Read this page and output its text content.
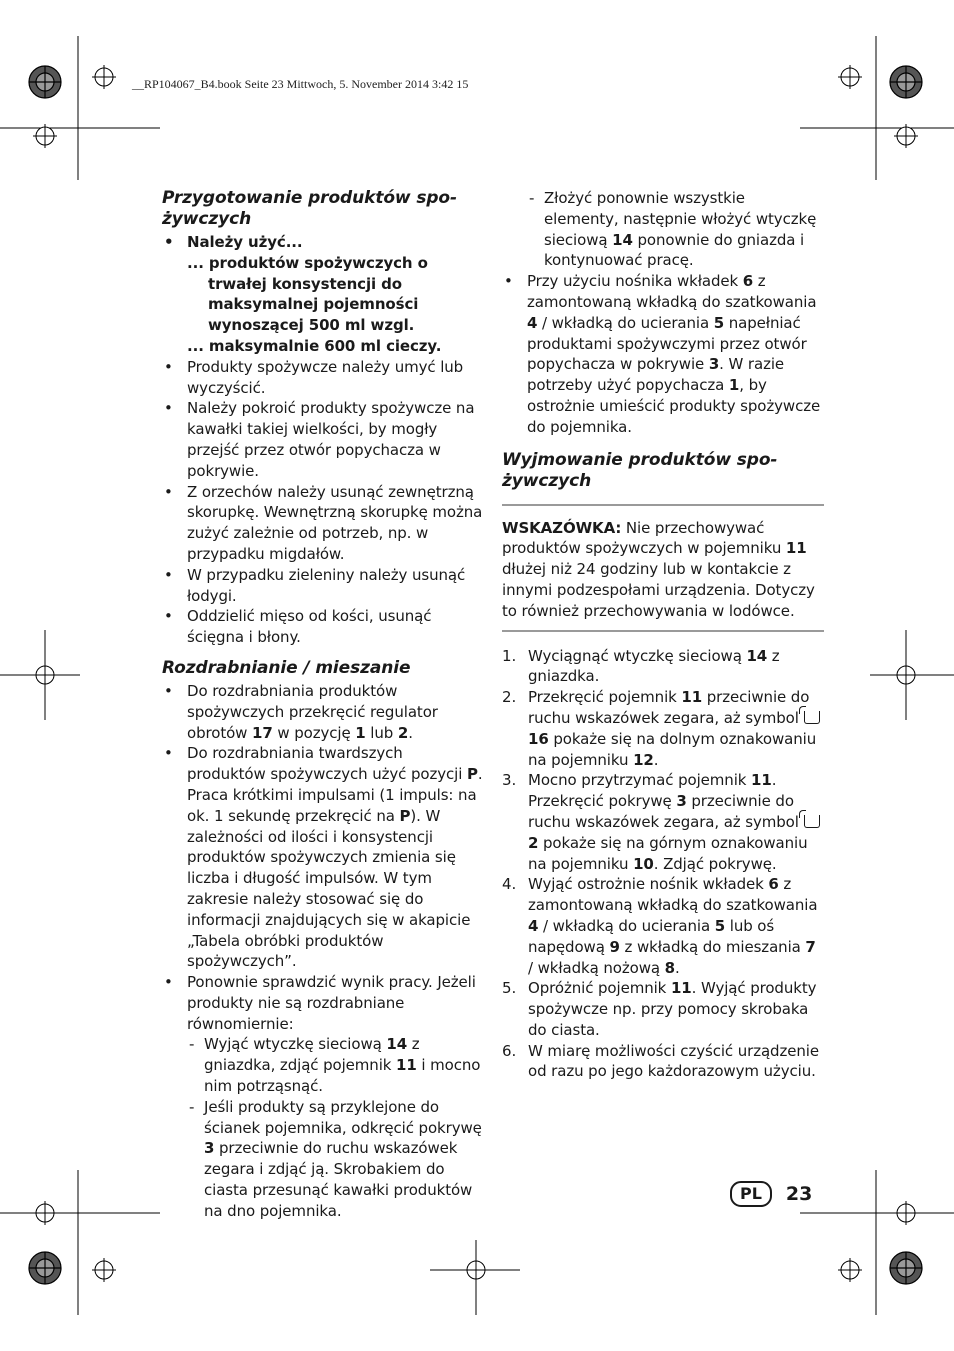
__RP104067_B4.book Seite 23 Mittwoch, 5. November 2014 3:42 15
Przygotowanie produktów spo-
żywczych
• Należy użyć...
... produktów spożywczych o trwałej konsystencji do maksymalnej pojemności wynoszącej 500 ml wzgl.
... maksymalnie 600 ml cieczy.
• Produkty spożywcze należy umyć lub wyczyścić.
• Należy pokroić produkty spożywcze na kawałki takiej wielkości, by mogły przejść przez otwór popychacza w pokrywie.
• Z orzechów należy usunąć zewnętrzną skorupkę. Wewnętrzną skorupkę można zużyć zależnie od potrzeb, np. w przypadku migdałów.
• W przypadku zieleniny należy usunąć łodygi.
• Oddzielić mięso od kości, usunąć ścięgna i błony.
Rozdrabnianie / mieszanie
• Do rozdrabniania produktów spożywczych przekręcić regulator obrotów 17 w pozycję 1 lub 2.
• Do rozdrabniania twardszych produktów spożywczych użyć pozycji P. Praca krótkimi impulsami (1 impuls: na ok. 1 sekundę przekręcić na P). W zależności od ilości i konsystencji produktów spożywczych zmienia się liczba i długość impulsów. W tym zakresie należy stosować się do informacji znajdujących się w akapicie „Tabela obróbki produktów spożywczych”.
• Ponownie sprawdzić wynik pracy. Jeżeli produkty nie są rozdrabniane równomiernie:
- Wyjąć wtyczkę sieciową 14 z gniazdka, zdjąć pojemnik 11 i mocno nim potrząsnąć.
- Jeśli produkty są przyklejone do ścianek pojemnika, odkręcić pokrywę 3 przeciwnie do ruchu wskazówek zegara i zdjąć ją. Skrobakiem do ciasta przesunąć kawałki produktów na dno pojemnika.
- Złożyć ponownie wszystkie elementy, następnie włożyć wtyczkę sieciową 14 ponownie do gniazda i kontynuować pracę.
• Przy użyciu nośnika wkładek 6 z zamontowaną wkładką do szatkowania 4 / wkładką do ucierania 5 napełniać produktami spożywczymi przez otwór popychacza w pokrywie 3. W razie potrzeby użyć popychacza 1, by ostrożnie umieścić produkty spożywcze do pojemnika.
Wyjmowanie produktów spo-
żywczych
WSKAZÓWKA: Nie przechowywać produktów spożywczych w pojemniku 11 dłużej niż 24 godziny lub w kontakcie z innymi podzespołami urządzenia. Dotyczy to również przechowywania w lodówce.
1. Wyciągnąć wtyczkę sieciową 14 z gniazdka.
2. Przekręcić pojemnik 11 przeciwnie do ruchu wskazówek zegara, aż symbol 16 pokaże się na dolnym oznakowaniu na pojemniku 12.
3. Mocno przytrzymać pojemnik 11. Przekręcić pokrywę 3 przeciwnie do ruchu wskazówek zegara, aż symbol 2 pokaże się na górnym oznakowaniu na pojemniku 10. Zdjąć pokrywę.
4. Wyjąć ostrożnie nośnik wkładek 6 z zamontowaną wkładką do szatkowania 4 / wkładką do ucierania 5 lub oś napędową 9 z wkładką do mieszania 7 / wkładką nożową 8.
5. Opróżnić pojemnik 11. Wyjąć produkty spożywcze np. przy pomocy skrobaka do ciasta.
6. W miarę możliwości czyścić urządzenie od razu po jego każdorazowym użyciu.
PL	23
